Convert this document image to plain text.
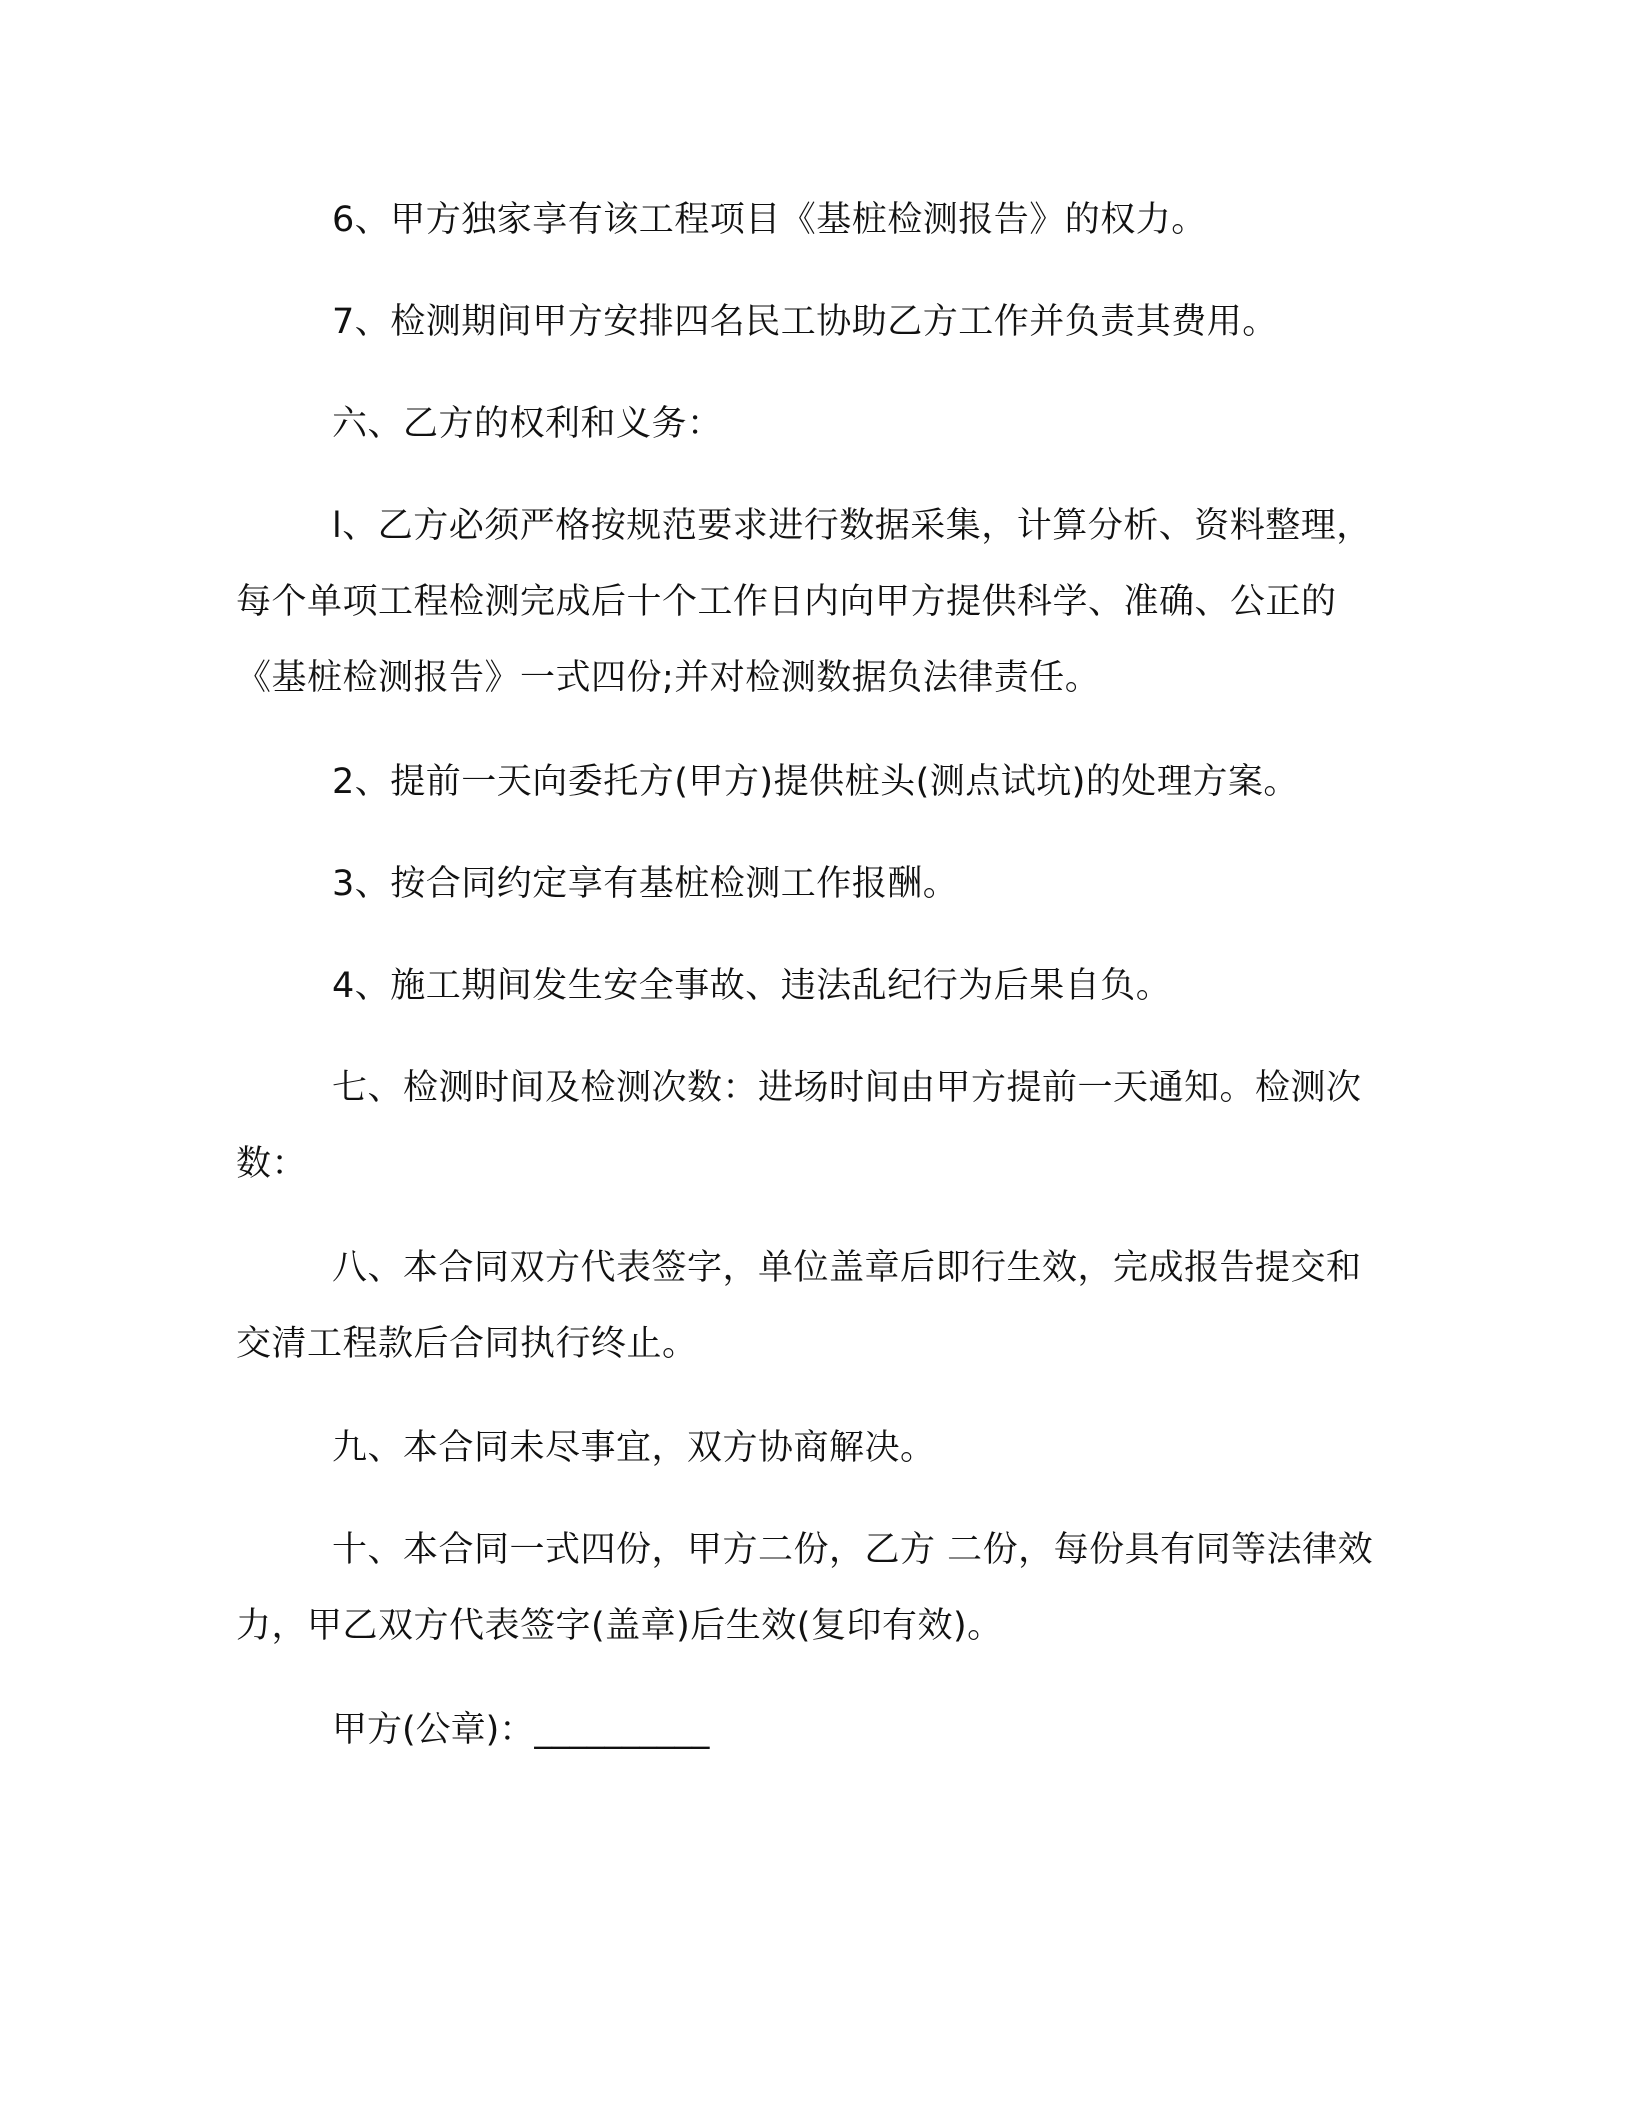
6、甲方独家享有该工程项目《基桩检测报告》的权力。
7、检测期间甲方安排四名民工协助乙方工作并负责其费用。
六、乙方的权利和义务：
l、乙方必须严格按规范要求进行数据采集，计算分析、资料整理，每个单项工程检测完成后十个工作日内向甲方提供科学、准确、公正的《基桩检测报告》一式四份;并对检测数据负法律责任。
2、提前一天向委托方(甲方)提供桩头(测点试坑)的处理方案。
3、按合同约定享有基桩检测工作报酬。
4、施工期间发生安全事故、违法乱纪行为后果自负。
七、检测时间及检测次数：进场时间由甲方提前一天通知。检测次数：
八、本合同双方代表签字，单位盖章后即行生效，完成报告提交和交清工程款后合同执行终止。
九、本合同未尽事宜，双方协商解决。
十、本合同一式四份，甲方二份，乙方 二份，每份具有同等法律效力，甲乙双方代表签字(盖章)后生效(复印有效)。
甲方(公章)：__________
